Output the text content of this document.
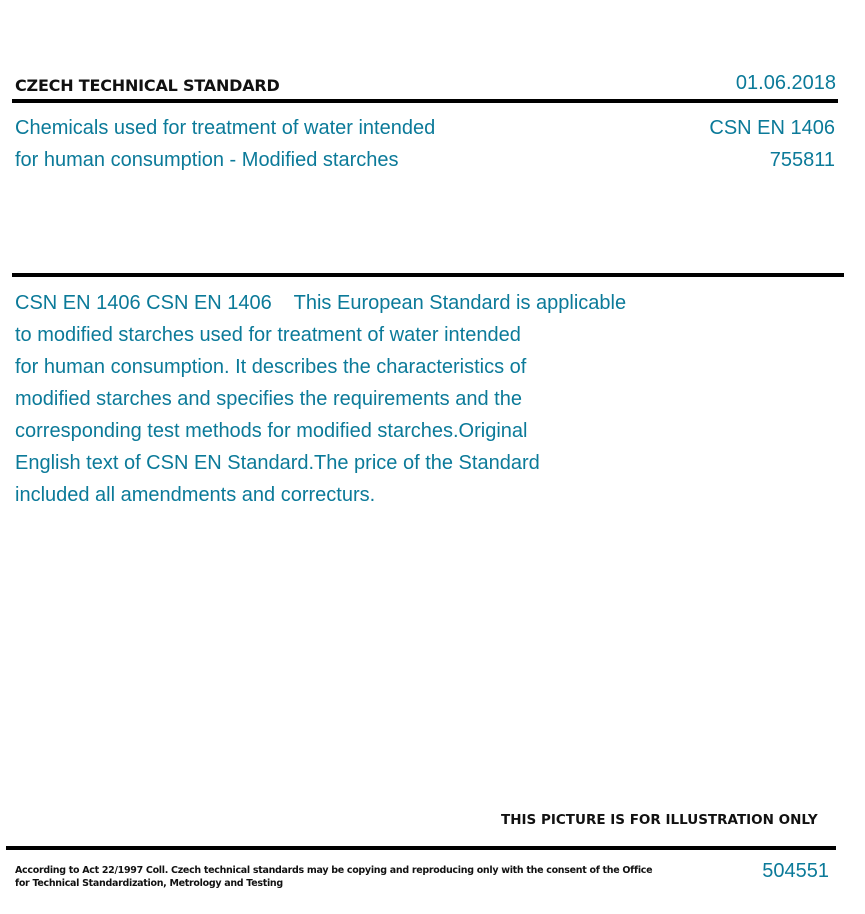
CZECH TECHNICAL STANDARD	01.06.2018
Chemicals used for treatment of water intended
for human consumption - Modified starches
CSN EN 1406
755811
CSN EN 1406 CSN EN 1406    This European Standard is applicable
to modified starches used for treatment of water intended
for human consumption. It describes the characteristics of
modified starches and specifies the requirements and the
corresponding test methods for modified starches.Original
English text of CSN EN Standard.The price of the Standard
included all amendments and correcturs.
THIS PICTURE IS FOR ILLUSTRATION ONLY
According to Act 22/1997 Coll. Czech technical standards may be copying and reproducing only with the consent of the Office
for Technical Standardization, Metrology and Testing
504551
